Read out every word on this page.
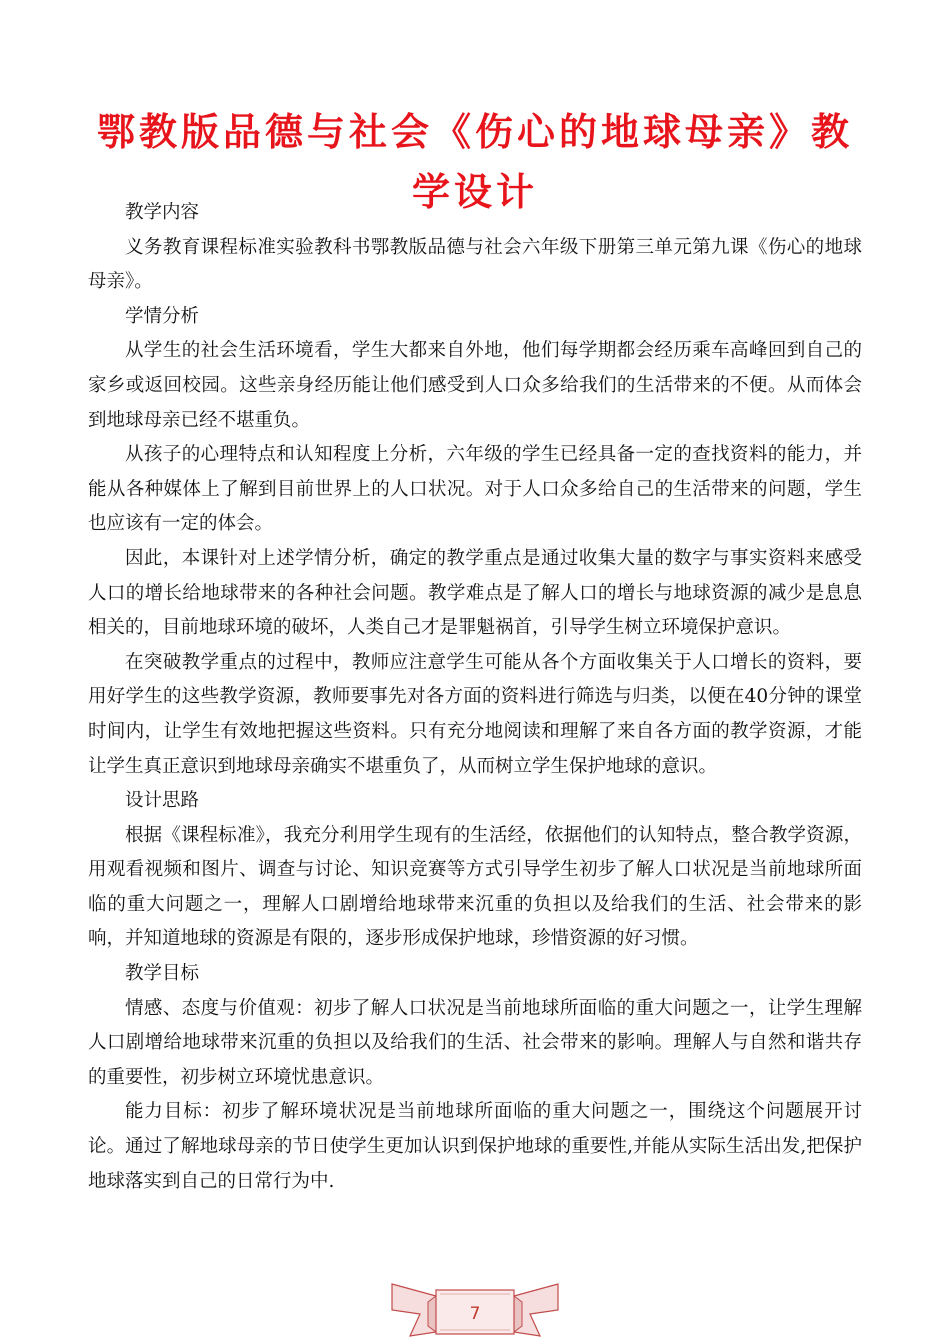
鄂教版品德与社会《伤心的地球母亲》教学设计

教学内容

义务教育课程标准实验教科书鄂教版品德与社会六年级下册第三单元第九课《伤心的地球母亲》。

学情分析

从学生的社会生活环境看，学生大都来自外地，他们每学期都会经历乘车高峰回到自己的家乡或返回校园。这些亲身经历能让他们感受到人口众多给我们的生活带来的不便。从而体会到地球母亲已经不堪重负。

从孩子的心理特点和认知程度上分析，六年级的学生已经具备一定的查找资料的能力，并能从各种媒体上了解到目前世界上的人口状况。对于人口众多给自己的生活带来的问题，学生也应该有一定的体会。

因此，本课针对上述学情分析，确定的教学重点是通过收集大量的数字与事实资料来感受人口的增长给地球带来的各种社会问题。教学难点是了解人口的增长与地球资源的减少是息息相关的，目前地球环境的破坏，人类自己才是罪魁祸首，引导学生树立环境保护意识。

在突破教学重点的过程中，教师应注意学生可能从各个方面收集关于人口增长的资料，要用好学生的这些教学资源，教师要事先对各方面的资料进行筛选与归类，以便在40分钟的课堂时间内，让学生有效地把握这些资料。只有充分地阅读和理解了来自各方面的教学资源，才能让学生真正意识到地球母亲确实不堪重负了，从而树立学生保护地球的意识。

设计思路

根据《课程标准》，我充分利用学生现有的生活经，依据他们的认知特点，整合教学资源，用观看视频和图片、调查与讨论、知识竞赛等方式引导学生初步了解人口状况是当前地球所面临的重大问题之一，理解人口剧增给地球带来沉重的负担以及给我们的生活、社会带来的影响，并知道地球的资源是有限的，逐步形成保护地球，珍惜资源的好习惯。

教学目标

情感、态度与价值观：初步了解人口状况是当前地球所面临的重大问题之一，让学生理解人口剧增给地球带来沉重的负担以及给我们的生活、社会带来的影响。理解人与自然和谐共存的重要性，初步树立环境忧患意识。

能力目标：初步了解环境状况是当前地球所面临的重大问题之一，围绕这个问题展开讨论。通过了解地球母亲的节日使学生更加认识到保护地球的重要性,并能从实际生活出发,把保护地球落实到自己的日常行为中.

7
